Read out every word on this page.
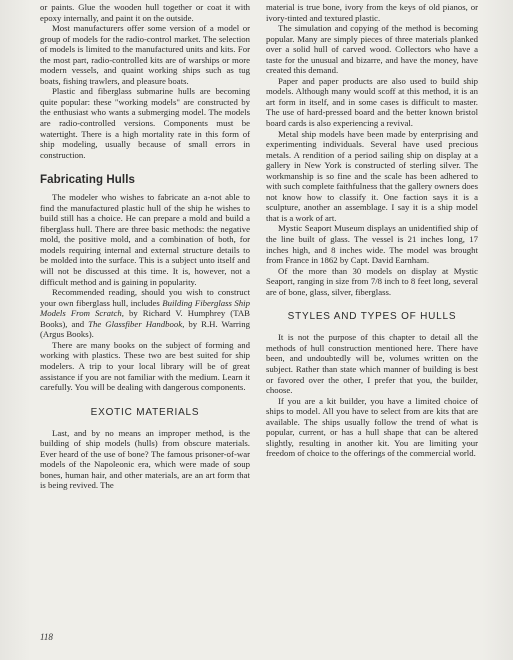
or paints. Glue the wooden hull together or coat it with epoxy internally, and paint it on the outside.

Most manufacturers offer some version of a model or group of models for the radio-control market. The selection of models is limited to the manufactured units and kits. For the most part, radio-controlled kits are of warships or more modern vessels, and quaint working ships such as tug boats, fishing trawlers, and pleasure boats.

Plastic and fiberglass submarine hulls are becoming quite popular: these "working models" are constructed by the enthusiast who wants a submerging model. The models are radio-controlled versions. Components must be watertight. There is a high mortality rate in this form of ship modeling, usually because of small errors in construction.

Fabricating Hulls

The modeler who wishes to fabricate an a-not able to find the manufactured plastic hull of the ship he wishes to build still has a choice. He can prepare a mold and build a fiberglass hull. There are three basic methods: the negative mold, the positive mold, and a combination of both, for models requiring internal and external structure details to be molded into the surface. This is a subject unto itself and will not be discussed at this time. It is, however, not a difficult method and is gaining in popularity.

Recommended reading, should you wish to construct your own fiberglass hull, includes Building Fiberglass Ship Models From Scratch, by Richard V. Humphrey (TAB Books), and The Glassfiber Handbook, by R.H. Warring (Argus Books).

There are many books on the subject of forming and working with plastics. These two are best suited for ship modelers. A trip to your local library will be of great assistance if you are not familiar with the medium. Learn it carefully. You will be dealing with dangerous components.

EXOTIC MATERIALS

Last, and by no means an improper method, is the building of ship models (hulls) from obscure materials. Ever heard of the use of bone? The famous prisoner-of-war models of the Napoleonic era, which were made of soup bones, human hair, and other materials, are an art form that is being revived. The

material is true bone, ivory from the keys of old pianos, or ivory-tinted and textured plastic.

The simulation and copying of the method is becoming popular. Many are simply pieces of three materials planked over a solid hull of carved wood. Collectors who have a taste for the unusual and bizarre, and have the money, have created this demand.

Paper and paper products are also used to build ship models. Although many would scoff at this method, it is an art form in itself, and in some cases is difficult to master. The use of hard-pressed board and the better known bristol board cards is also experiencing a revival.

Metal ship models have been made by enterprising and experimenting individuals. Several have used precious metals. A rendition of a period sailing ship on display at a gallery in New York is constructed of sterling silver. The workmanship is so fine and the scale has been adhered to with such complete faithfulness that the gallery owners does not know how to classify it. One faction says it is a sculpture, another an assemblage. I say it is a ship model that is a work of art.

Mystic Seaport Museum displays an unidentified ship of the line built of glass. The vessel is 21 inches long, 17 inches high, and 8 inches wide. The model was brought from France in 1862 by Capt. David Earnham.

Of the more than 30 models on display at Mystic Seaport, ranging in size from 7/8 inch to 8 feet long, several are of bone, glass, silver, fiberglass.

STYLES AND TYPES OF HULLS

It is not the purpose of this chapter to detail all the methods of hull construction mentioned here. There have been, and undoubtedly will be, volumes written on the subject. Rather than state which manner of building is best or favored over the other, I prefer that you, the builder, choose.

If you are a kit builder, you have a limited choice of ships to model. All you have to select from are kits that are available. The ships usually follow the trend of what is popular, current, or has a hull shape that can be altered slightly, resulting in another kit. You are limiting your freedom of choice to the offerings of the commercial world.

118
